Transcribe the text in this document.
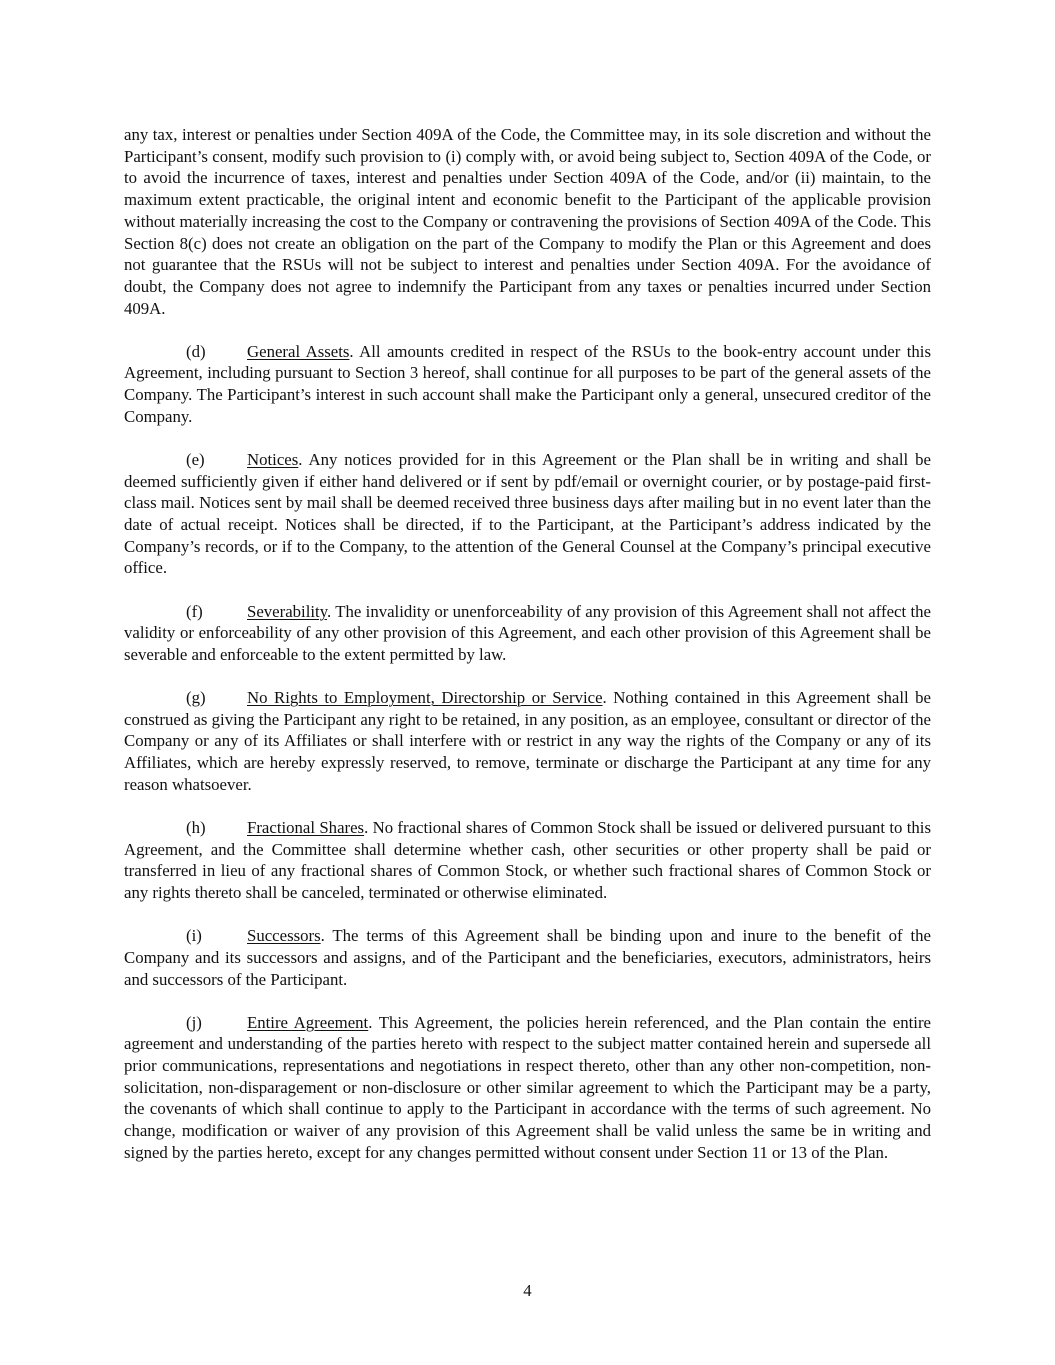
any tax, interest or penalties under Section 409A of the Code, the Committee may, in its sole discretion and without the Participant’s consent, modify such provision to (i) comply with, or avoid being subject to, Section 409A of the Code, or to avoid the incurrence of taxes, interest and penalties under Section 409A of the Code, and/or (ii) maintain, to the maximum extent practicable, the original intent and economic benefit to the Participant of the applicable provision without materially increasing the cost to the Company or contravening the provisions of Section 409A of the Code. This Section 8(c) does not create an obligation on the part of the Company to modify the Plan or this Agreement and does not guarantee that the RSUs will not be subject to interest and penalties under Section 409A. For the avoidance of doubt, the Company does not agree to indemnify the Participant from any taxes or penalties incurred under Section 409A.

(d) General Assets. All amounts credited in respect of the RSUs to the book-entry account under this Agreement, including pursuant to Section 3 hereof, shall continue for all purposes to be part of the general assets of the Company. The Participant’s interest in such account shall make the Participant only a general, unsecured creditor of the Company.

(e)	Notices. Any notices provided for in this Agreement or the Plan shall be in writing and shall be deemed sufficiently given if either hand delivered or if sent by pdf/email or overnight courier, or by postage-paid first-class mail. Notices sent by mail shall be deemed received three business days after mailing but in no event later than the date of actual receipt. Notices shall be directed, if to the Participant, at the Participant’s address indicated by the Company’s records, or if to the Company, to the attention of the General Counsel at the Company’s principal executive office.

(f)	Severability. The invalidity or unenforceability of any provision of this Agreement shall not affect the validity or enforceability of any other provision of this Agreement, and each other provision of this Agreement shall be severable and enforceable to the extent permitted by law.

(g) No Rights to Employment, Directorship or Service. Nothing contained in this Agreement shall be construed as giving the Participant any right to be retained, in any position, as an employee, consultant or director of the Company or any of its Affiliates or shall interfere with or restrict in any way the rights of the Company or any of its Affiliates, which are hereby expressly reserved, to remove, terminate or discharge the Participant at any time for any reason whatsoever.

(h) Fractional Shares. No fractional shares of Common Stock shall be issued or delivered pursuant to this Agreement, and the Committee shall determine whether cash, other securities or other property shall be paid or transferred in lieu of any fractional shares of Common Stock, or whether such fractional shares of Common Stock or any rights thereto shall be canceled, terminated or otherwise eliminated.

(i)	Successors. The terms of this Agreement shall be binding upon and inure to the benefit of the Company and its successors and assigns, and of the Participant and the beneficiaries, executors, administrators, heirs and successors of the Participant.

(j)	Entire Agreement. This Agreement, the policies herein referenced, and the Plan contain the entire agreement and understanding of the parties hereto with respect to the subject matter contained herein and supersede all prior communications, representations and negotiations in respect thereto, other than any other non-competition, non-solicitation, non-disparagement or non-disclosure or other similar agreement to which the Participant may be a party, the covenants of which shall continue to apply to the Participant in accordance with the terms of such agreement. No change, modification or waiver of any provision of this Agreement shall be valid unless the same be in writing and signed by the parties hereto, except for any changes permitted without consent under Section 11 or 13 of the Plan.

4
